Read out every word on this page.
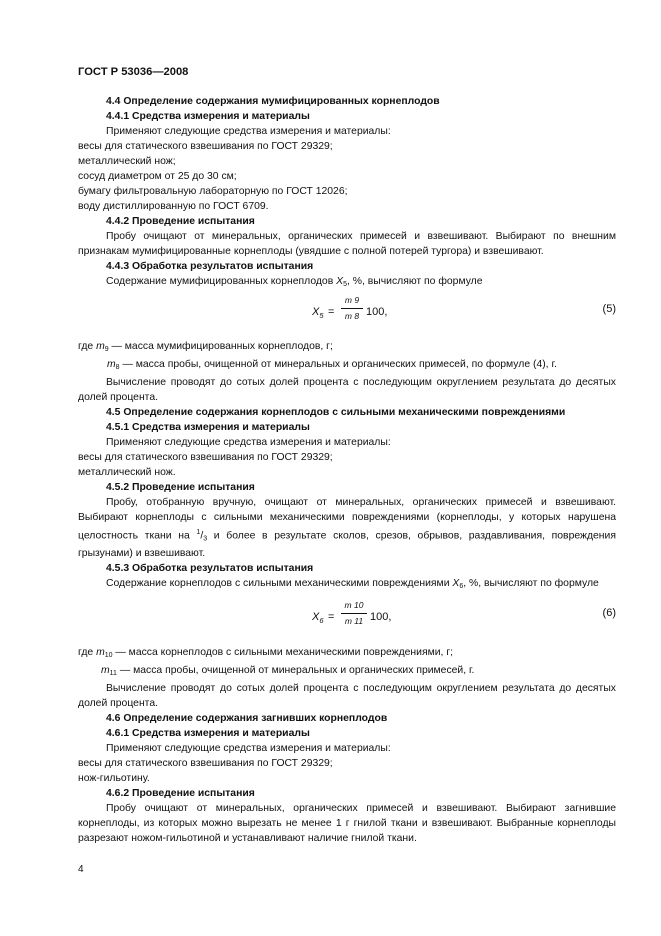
ГОСТ Р 53036—2008

4.4 Определение содержания мумифицированных корнеплодов

4.4.1 Средства измерения и материалы

Применяют следующие средства измерения и материалы:

весы для статического взвешивания по ГОСТ 29329;

металлический нож;

сосуд диаметром от 25 до 30 см;

бумагу фильтровальную лабораторную по ГОСТ 12026;

воду дистиллированную по ГОСТ 6709.

4.4.2 Проведение испытания

Пробу очищают от минеральных, органических примесей и взвешивают. Выбирают по внешним признакам мумифицированные корнеплоды (увядшие с полной потерей тургора) и взвешивают.

4.4.3 Обработка результатов испытания

Содержание мумифицированных корнеплодов $X_5$, %, вычисляют по формуле

$X_5 = \frac{m 9}{m 8} 100$,	(5)

где $m_9$ — масса мумифицированных корнеплодов, г;

$m_8$ — масса пробы, очищенной от минеральных и органических примесей, по формуле (4), г.

Вычисление проводят до сотых долей процента с последующим округлением результата до десятых долей процента.

4.5 Определение содержания корнеплодов с сильными механическими повреждениями

4.5.1 Средства измерения и материалы

Применяют следующие средства измерения и материалы:

весы для статического взвешивания по ГОСТ 29329;

металлический нож.

4.5.2 Проведение испытания

Пробу, отобранную вручную, очищают от минеральных, органических примесей и взвешивают. Выбирают корнеплоды с сильными механическими повреждениями (корнеплоды, у которых нарушена целостность ткани на $^1/_3$ и более в результате сколов, срезов, обрывов, раздавливания, повреждения грызунами) и взвешивают.

4.5.3 Обработка результатов испытания

Содержание корнеплодов с сильными механическими повреждениями $X_6$, %, вычисляют по формуле

$X_6 = \frac{m 10}{m 11} 100$,	(6)

где $m_{10}$ — масса корнеплодов с сильными механическими повреждениями, г;

$m_{11}$ — масса пробы, очищенной от минеральных и органических примесей, г.

Вычисление проводят до сотых долей процента с последующим округлением результата до десятых долей процента.

4.6 Определение содержания загнивших корнеплодов

4.6.1 Средства измерения и материалы

Применяют следующие средства измерения и материалы:

весы для статического взвешивания по ГОСТ 29329;

нож-гильотину.

4.6.2 Проведение испытания

Пробу очищают от минеральных, органических примесей и взвешивают. Выбирают загнившие корнеплоды, из которых можно вырезать не менее 1 г гнилой ткани и взвешивают. Выбранные корнеплоды разрезают ножом-гильотиной и устанавливают наличие гнилой ткани.

4
